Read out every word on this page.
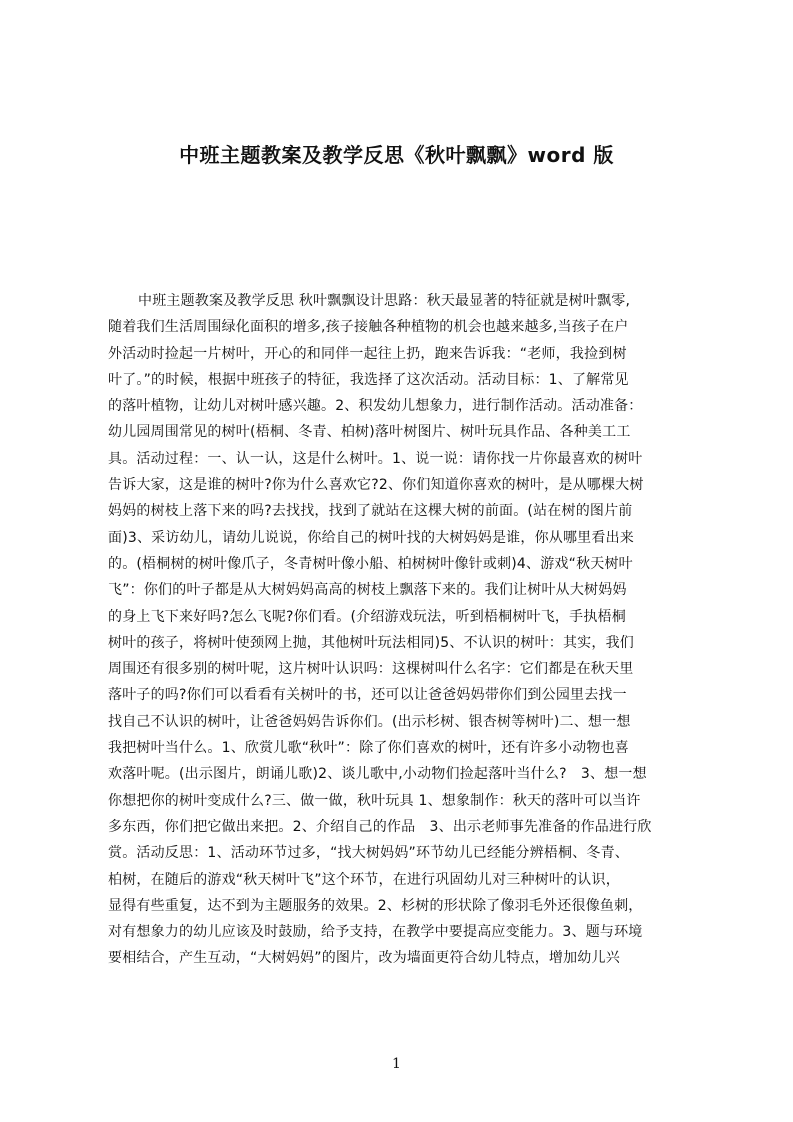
中班主题教案及教学反思《秋叶飘飘》word 版
中班主题教案及教学反思 秋叶飘飘设计思路：秋天最显著的特征就是树叶飘零,
随着我们生活周围绿化面积的增多,孩子接触各种植物的机会也越来越多,当孩子在户
外活动时捡起一片树叶，开心的和同伴一起往上扔，跑来告诉我：“老师，我捡到树
叶了。”的时候，根据中班孩子的特征，我选择了这次活动。活动目标：1、了解常见
的落叶植物，让幼儿对树叶感兴趣。2、积发幼儿想象力，进行制作活动。活动准备：
幼儿园周围常见的树叶(梧桐、冬青、柏树)落叶树图片、树叶玩具作品、各种美工工
具。活动过程：一、认一认，这是什么树叶。1、说一说：请你找一片你最喜欢的树叶
告诉大家，这是谁的树叶?你为什么喜欢它?2、你们知道你喜欢的树叶，是从哪棵大树
妈妈的树枝上落下来的吗?去找找，找到了就站在这棵大树的前面。(站在树的图片前
面)3、采访幼儿，请幼儿说说，你给自己的树叶找的大树妈妈是谁，你从哪里看出来
的。(梧桐树的树叶像爪子，冬青树叶像小船、柏树树叶像针或刺)4、游戏“秋天树叶
飞”：你们的叶子都是从大树妈妈高高的树枝上飘落下来的。我们让树叶从大树妈妈
的身上飞下来好吗?怎么飞呢?你们看。(介绍游戏玩法，听到梧桐树叶飞，手执梧桐
树叶的孩子，将树叶使颈网上抛，其他树叶玩法相同)5、不认识的树叶：其实，我们
周围还有很多别的树叶呢，这片树叶认识吗：这棵树叫什么名字：它们都是在秋天里
落叶子的吗?你们可以看看有关树叶的书，还可以让爸爸妈妈带你们到公园里去找一
找自己不认识的树叶，让爸爸妈妈告诉你们。(出示杉树、银杏树等树叶)二、想一想
我把树叶当什么。1、欣赏儿歌“秋叶”：除了你们喜欢的树叶，还有许多小动物也喜
欢落叶呢。(出示图片，朗诵儿歌)2、谈儿歌中,小动物们捡起落叶当什么?　3、想一想
你想把你的树叶变成什么?三、做一做，秋叶玩具 1、想象制作：秋天的落叶可以当许
多东西，你们把它做出来把。2、介绍自己的作品　3、出示老师事先准备的作品进行欣
赏。活动反思：1、活动环节过多，“找大树妈妈”环节幼儿已经能分辨梧桐、冬青、
柏树，在随后的游戏“秋天树叶飞”这个环节，在进行巩固幼儿对三种树叶的认识，
显得有些重复，达不到为主题服务的效果。2、杉树的形状除了像羽毛外还很像鱼刺，
对有想象力的幼儿应该及时鼓励，给予支持，在教学中要提高应变能力。3、题与环境
要相结合，产生互动，“大树妈妈”的图片，改为墙面更符合幼儿特点，增加幼儿兴
1
